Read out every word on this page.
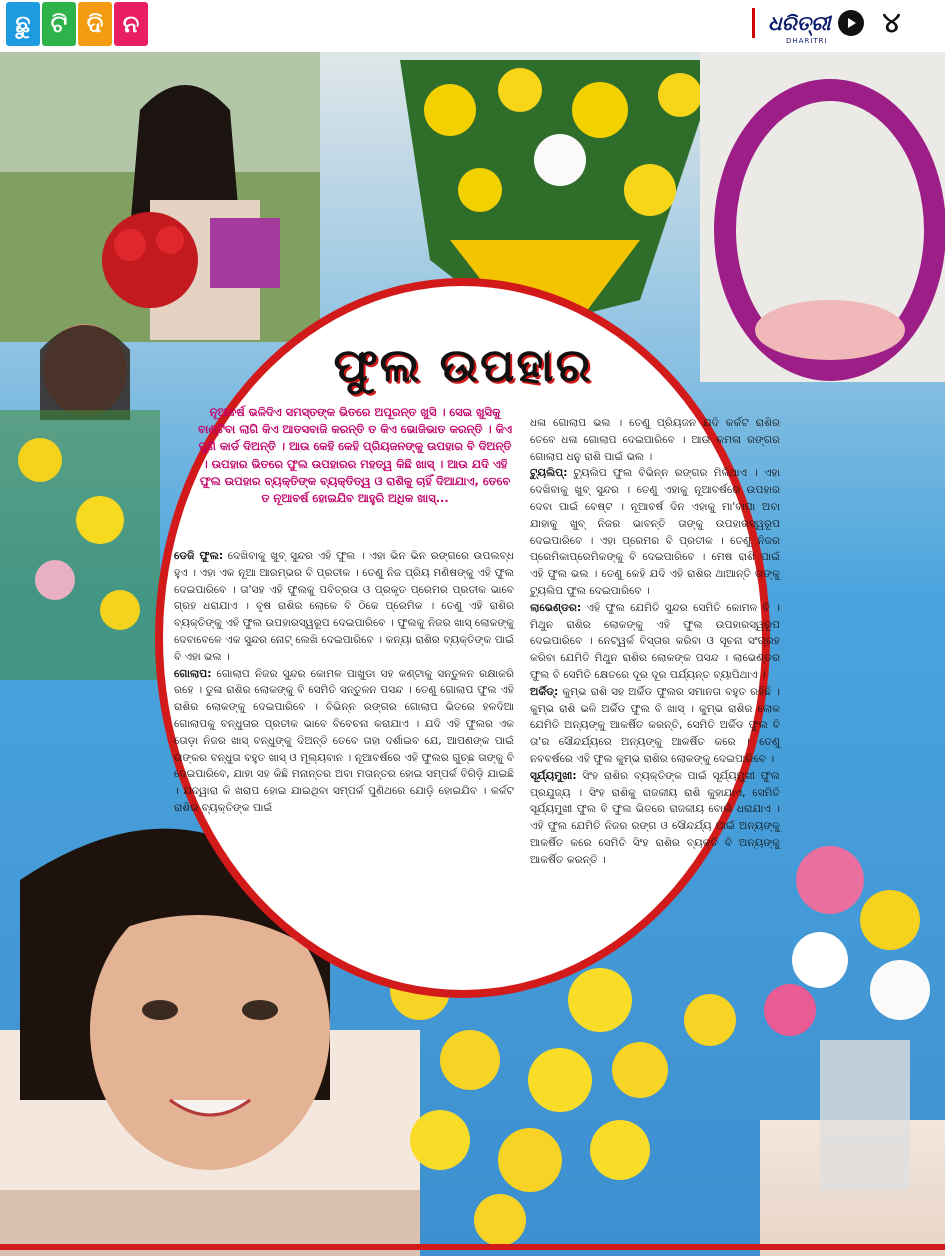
ଛୁ ଟି ଦି ନ	ଧରିତ୍ରୀ
DHARITRI
୪
ଫୁଲ ଉପହାର
ନୂଆବର୍ଷ ଭଳିଦିଏ ସମସ୍ତଙ୍କ ଭିତରେ ଅପୂରନ୍ତ ଖୁସି । ସେଇ ଖୁସିକୁ ବାଣ୍ଟିବା ଲାଗି କିଏ ଆତସବାଜି କରନ୍ତି ତ କିଏ ଭୋଜିଭାତ କରନ୍ତି । କିଏ ପୁଣି କାର୍ଡ ଦିଅନ୍ତି । ଆଉ କେହି କେହି ପ୍ରିୟଜନଙ୍କୁ ଉପହାର ବି ଦିଅନ୍ତି । ଉପହାର ଭିତରେ ଫୁଲ ଉପହାରର ମହତ୍ୱ କିଛି ଖାସ୍ । ଆଉ ଯଦି ଏହି ଫୁଲ ଉପହାର ବ୍ୟକ୍ତିଙ୍କ ବ୍ୟକ୍ତିତ୍ୱ ଓ ରାଶିକୁ ଚାହିଁ ଦିଆଯାଏ, ତେବେ ତ ନୂଆବର୍ଷ ହୋଇଯିବ ଆହୁରି ଅଧିକ ଖାସ୍...

ଡେଜି ଫୁଲ: ଦେଖିବାକୁ ଖୁବ୍ ସୁନ୍ଦର ଏହି ଫୁଲ । ଏହା ଭିନ ଭିନ ରଙ୍ଗରେ ଉପଲବ୍ଧ ହୁଏ । ଏହା ଏକ ନୂଆ ଆରମ୍ଭର ବି ପ୍ରତୀକ । ତେଣୁ ନିଜ ପ୍ରିୟ ମଣିଷଙ୍କୁ ଏହି ଫୁଲ ଦେଇପାରିବେ । ତା'ସହ ଏହି ଫୁଲକୁ ପବିତ୍ରତା ଓ ପ୍ରକୃତ ପ୍ରେମର ପ୍ରତୀକ ଭାବେ ଗ୍ରହ ଧରାଯାଏ । ବୃଷ ରାଶିର ଲୋକେ ବି ଠିକେ ପ୍ରେମିକ । ତେଣୁ ଏହି ରାଶିର ବ୍ୟକ୍ତିଙ୍କୁ ଏହି ଫୁଲ ଉପହାରସ୍ୱରୂପ ଦେଇପାରିବେ । ଫୁଲକୁ ନିଜର ଖାସ୍ ଲୋକଙ୍କୁ ଦେବାବେଳେ ଏକ ସୁନ୍ଦର ନୋଟ୍ ଲେଖି ଦେଇପାରିବେ । କନ୍ୟା ରାଶିର ବ୍ୟକ୍ତିଙ୍କ ପାଇଁ ବି ଏହା ଭଲ ।

ଗୋଲାପ: ଗୋଲାପ ନିଜର ସୁନ୍ଦର କୋମଳ ପାଖୁଡା ସହ କଣ୍ଟାକୁ ସନ୍ତୁଳନ ରକ୍ଷାକରି ରହେ । ତୁଳା ରାଶିର ଲୋକଙ୍କୁ ବି ସେମିତି ସନ୍ତୁଳନ ପସନ୍ଦ । ତେଣୁ ଗୋଲାପ ଫୁଲ ଏହି ରାଶିର ଲୋକଙ୍କୁ ଦେଇପାରିବେ । ବିଭିନ୍ନ ରଙ୍ଗର ଗୋଲାପ ଭିତରେ ହଳଦିଆ ଗୋଲାପକୁ ବନ୍ଧୁତାର ପ୍ରତୀକ ଭାବେ ବିବେଚନା କରାଯାଏ । ଯଦି ଏହି ଫୁଲର ଏକ ତୋଡ଼ା ନିଜର ଖାସ୍ ବନ୍ଧୁଙ୍କୁ ଦିଅନ୍ତି ତେବେ ତାହା ଦର୍ଶାଇବ ଯେ, ଆପଣଙ୍କ ପାଇଁ ତାଙ୍କର ବନ୍ଧୁତା ବହୁତ ଖାସ୍ ଓ ମୂଲ୍ୟବାନ । ନୂଆବର୍ଷରେ ଏହି ଫୁଲର ଗୁଚ୍ଛ ତାଙ୍କୁ ବି ଦେଇପାରିବେ, ଯାହା ସହ କିଛି ମନାନ୍ତର ଅବା ମତାନ୍ତର ହୋଇ ସମ୍ପର୍କ ବିଗିଡ଼ି ଯାଇଛି । ଯଦ୍ୱାରା କି ଖରାପ ହୋଇ ଯାଇଥିବା ସମ୍ପର୍କ ପୁଣିଥରେ ଯୋଡ଼ି ହୋଇଯିବ । କର୍କଟ ରାଶିର ବ୍ୟକ୍ତିଙ୍କ ପାଇଁ

ଧଳା ଗୋଲାପ ଭଲ । ତେଣୁ ପ୍ରିୟଜନ ଯଦି କର୍କଟ ରାଶିର ତେବେ ଧଳା ଗୋଲାପ ଦେଇପାରିବେ । ଆଉ କମଳା ରଙ୍ଗର ଗୋଲାପ ଧନୁ ରାଶି ପାଇଁ ଭଲ ।

ଟ୍ୟୁଲିପ୍: ଟ୍ୟୁଲିପ ଫୁଲ ବିଭିନ୍ନ ରଙ୍ଗର ମିଳିଥାଏ । ଏହା ଦେଖିବାକୁ ଖୁବ୍ ସୁନ୍ଦର । ତେଣୁ ଏହାକୁ ନୂଆବର୍ଷରେ ଉପହାର ଦେବା ପାଇଁ ବେଷ୍ଟ । ନୂଆବର୍ଷ ଦିନ ଏହାକୁ ମା'ବାପା ଅବା ଯାହାକୁ ଖୁବ୍ ନିଜର ଭାବନ୍ତି ତାଙ୍କୁ ଉପହାରସ୍ୱରୂପ ଦେଇପାରିବେ । ଏହା ପ୍ରେମର ବି ପ୍ରତୀକ । ତେଣୁ ନିଜର ପ୍ରେମିକାପ୍ରେମିକଙ୍କୁ ବି ଦେଇପାରିବେ । ମେଷ ରାଶି ପାଇଁ ଏହି ଫୁଲ ଭଲ । ତେଣୁ କେହି ଯଦି ଏହି ରାଶିର ଥାଆନ୍ତି ତାଙ୍କୁ ଟ୍ୟୁଲିପ ଫୁଲ ଦେଇପାରିବେ ।

ଲାଭେଣ୍ଡର: ଏହି ଫୁଲ ଯେମିତି ସୁନ୍ଦର ସେମିତି କୋମଳ ବି । ମିଥୁନ ରାଶିର ଲୋକଙ୍କୁ ଏହି ଫୁଲ ଉପହାରସ୍ୱରୂପ ଦେଇପାରିବେ । ନେଟ୍‌ୱର୍କ ବିସ୍ତାର କରିବା ଓ ସୂଚନା ସଂଗ୍ରହ କରିବା ଯେମିତି ମିଥୁନ ରାଶିର ଲୋକଙ୍କ ପସନ୍ଦ । ଲାଭେଣ୍ଡର ଫୁଲ ବି ସେମିତି କ୍ଷେତରେ ଦୂର ଦୂର ପର୍ଯ୍ୟନ୍ତ ବ୍ୟାପିଥାଏ ।

ଅର୍କିଡ୍: କୁମ୍ଭ ରାଶି ସହ ଅର୍କିଡ ଫୁଲର ସମାନତା ବହୁତ ରହିଛି । କୁମ୍ଭ ରାଶି ଭଳି ଅର୍କିଡ ଫୁଲ ବି ଖାସ୍ । କୁମ୍ଭ ରାଶିର ଲୋକ ଯେମିତି ଅନ୍ୟଙ୍କୁ ଆକର୍ଷିତ କରନ୍ତି, ସେମିତି ଅର୍କିଡ ଫୁଲ ବି ତା'ର ସୌନ୍ଦର୍ଯ୍ୟରେ ଅନ୍ୟଙ୍କୁ ଆକର୍ଷିତ କରେ । ତେଣୁ ନବବର୍ଷରେ ଏହି ଫୁଲ କୁମ୍ଭ ରାଶିର ଲୋକଙ୍କୁ ଦେଇପାରିବେ ।

ସୂର୍ଯ୍ୟମୁଖୀ: ସିଂହ ରାଶିର ବ୍ୟକ୍ତିଙ୍କ ପାଇଁ ସୂର୍ଯ୍ୟମୁଖୀ ଫୁଲ ପ୍ରଯୁଜ୍ୟ । ସିଂହ ରାଶିକୁ ରାଜକୀୟ ରାଶି କୁହାଯାଏ, ସେମିତି ସୂର୍ଯ୍ୟମୁଖୀ ଫୁଲ ବି ଫୁଲ ଭିତରେ ରାଜକୀୟ ବୋଲି ଧରାଯାଏ । ଏହି ଫୁଲ ଯେମିତି ନିଜର ରଙ୍ଗ ଓ ସୌନ୍ଦର୍ଯ୍ୟ ପାଇଁ ଅନ୍ୟଙ୍କୁ ଆକର୍ଷିତ କରେ ସେମିତି ସିଂହ ରାଶିର ବ୍ୟକ୍ତି ବି ଅନ୍ୟଙ୍କୁ ଆକର୍ଷିତ କରନ୍ତି ।
